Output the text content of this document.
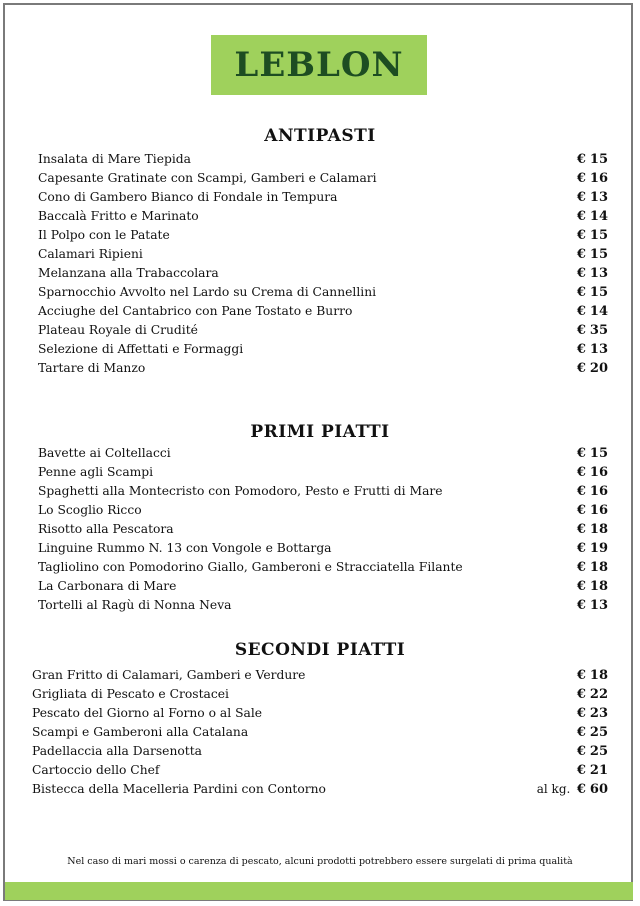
LEBLON
ANTIPASTI
Insalata di Mare Tiepida	€ 15
Capesante Gratinate con Scampi, Gamberi e Calamari	€ 16
Cono di Gambero Bianco di Fondale in Tempura	€ 13
Baccalà Fritto e Marinato	€ 14
Il Polpo con le Patate	€ 15
Calamari Ripieni	€ 15
Melanzana alla Trabaccolara	€ 13
Sparnocchio Avvolto nel Lardo su Crema di Cannellini	€ 15
Acciughe del Cantabrico con Pane Tostato e Burro	€ 14
Plateau Royale di Crudité	€ 35
Selezione di Affettati e Formaggi	€ 13
Tartare di Manzo	€ 20
PRIMI PIATTI
Bavette ai Coltellacci	€ 15
Penne agli Scampi	€ 16
Spaghetti alla Montecristo con Pomodoro, Pesto e Frutti di Mare	€ 16
Lo Scoglio Ricco	€ 16
Risotto alla Pescatora	€ 18
Linguine Rummo N. 13 con Vongole e Bottarga	€ 19
Tagliolino con Pomodorino Giallo, Gamberoni e Stracciatella Filante	€ 18
La Carbonara di Mare	€ 18
Tortelli al Ragù di Nonna Neva	€ 13
SECONDI PIATTI
Gran Fritto di Calamari, Gamberi e Verdure	€ 18
Grigliata di Pescato e Crostacei	€ 22
Pescato del Giorno al Forno o al Sale	€ 23
Scampi e Gamberoni alla Catalana	€ 25
Padellaccia alla Darsenotta	€ 25
Cartoccio dello Chef	€ 21
Bistecca della Macelleria Pardini con Contorno	al kg. € 60
Nel caso di mari mossi o carenza di pescato, alcuni prodotti potrebbero essere surgelati di prima qualità
